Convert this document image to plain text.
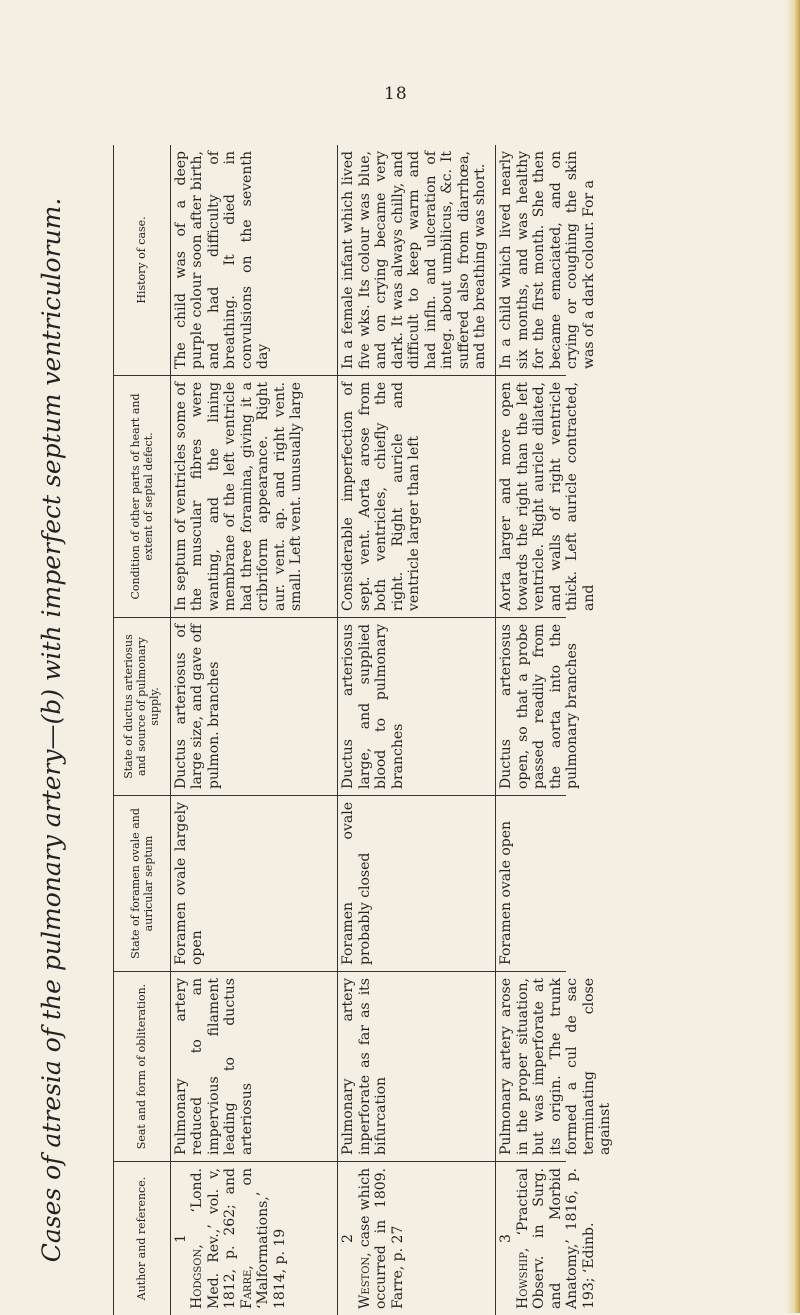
18
Cases of atresia of the pulmonary artery—(b) with imperfect septum ventriculorum.	Author and reference.
Seat and form of obliteration.
State of foramen ovale and auricular septum
State of ductus arteriosus and source of pulmonary supply.
Condition of other parts of heart and extent of septal defect.
History of case.
1
Hodgson, ‘Lond. Med. Rev.,’ vol. v, 1812, p. 262; and Farre, on ‘Malformations,’ 1814, p. 19
Pulmonary artery reduced to an impervious filament leading to ductus arteriosus
Foramen ovale largely open
Ductus arteriosus of large size, and gave off pulmon. branches
In septum of ventricles some of the muscular fibres were wanting, and the lining membrane of the left ventricle had three foramina, giving it a cribriform appearance. Right aur. vent. ap. and right vent. small. Left vent. unusually large
The child was of a deep purple colour soon after birth, and had difficulty of breathing. It died in convulsions on the seventh day
2
Weston, case which occurred in 1809. Farre, p. 27
Pulmonary artery inperforate as far as its bifurcation
Foramen ovale probably closed
Ductus arteriosus large, and supplied blood to pulmonary branches
Considerable imperfection of sept. vent. Aorta arose from both ventricles, chiefly the right. Right auricle and ventricle larger than left
In a female infant which lived five wks. Its colour was blue, and on crying became very dark. It was always chilly, and difficult to keep warm and had infln. and ulceration of integ. about umbilicus, &c. It suffered also from diarrhœa, and the breathing was short.
3
Howship, ‘Practical Observ. in Surg. and Morbid Anatomy,’ 1816, p. 193; ‘Edinb.
Pulmonary artery arose in the proper situation, but was imperforate at its origin. The trunk formed a cul de sac terminating close against
Foramen ovale open
Ductus arteriosus open, so that a probe passed readily from the aorta into the pulmonary branches
Aorta larger and more open towards the right than the left ventricle. Right auricle dilated, and walls of right ventricle thick. Left auricle contracted, and
In a child which lived nearly six months, and was healthy for the first month. She then became emaciated, and on crying or coughing the skin was of a dark colour. For a
